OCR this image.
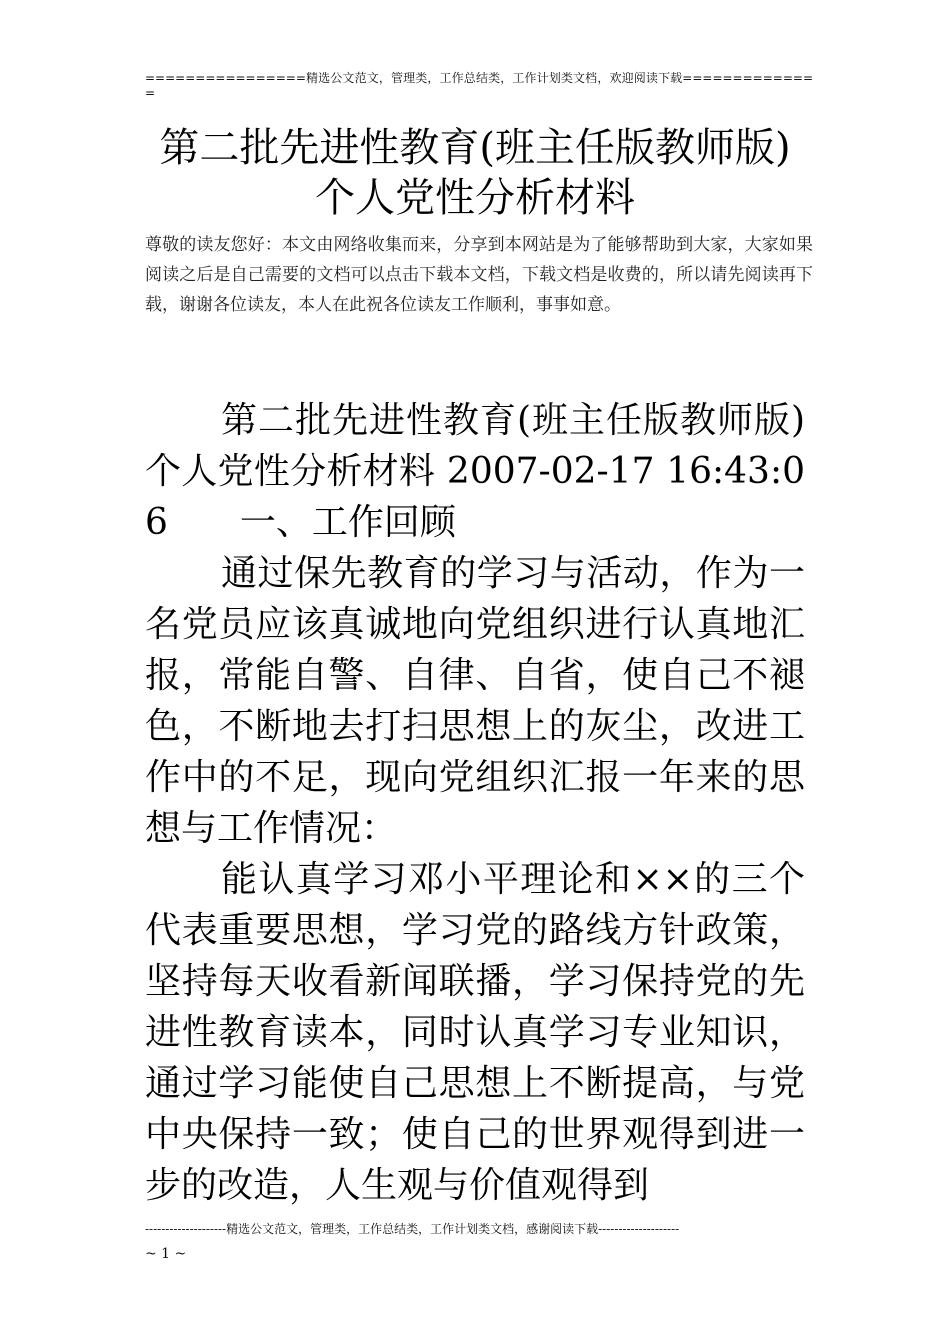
================精选公文范文，管理类，工作总结类，工作计划类文档，欢迎阅读下载=============
=
第二批先进性教育(班主任版教师版)
个人党性分析材料
尊敬的读友您好：本文由网络收集而来，分享到本网站是为了能够帮助到大家，大家如果阅读之后是自己需要的文档可以点击下载本文档，下载文档是收费的，所以请先阅读再下载，谢谢各位读友，本人在此祝各位读友工作顺利，事事如意。

第二批先进性教育(班主任版教师版)个人党性分析材料 2007-02-17 16:43:06　　一、工作回顾

通过保先教育的学习与活动，作为一名党员应该真诚地向党组织进行认真地汇报，常能自警、自律、自省，使自己不褪色，不断地去打扫思想上的灰尘，改进工作中的不足，现向党组织汇报一年来的思想与工作情况：

能认真学习邓小平理论和××的三个代表重要思想，学习党的路线方针政策，坚持每天收看新闻联播，学习保持党的先进性教育读本，同时认真学习专业知识，通过学习能使自己思想上不断提高，与党中央保持一致；使自己的世界观得到进一步的改造，人生观与价值观得到

--------------------精选公文范文，管理类，工作总结类，工作计划类文档，感谢阅读下载--------------------
~ 1 ~
